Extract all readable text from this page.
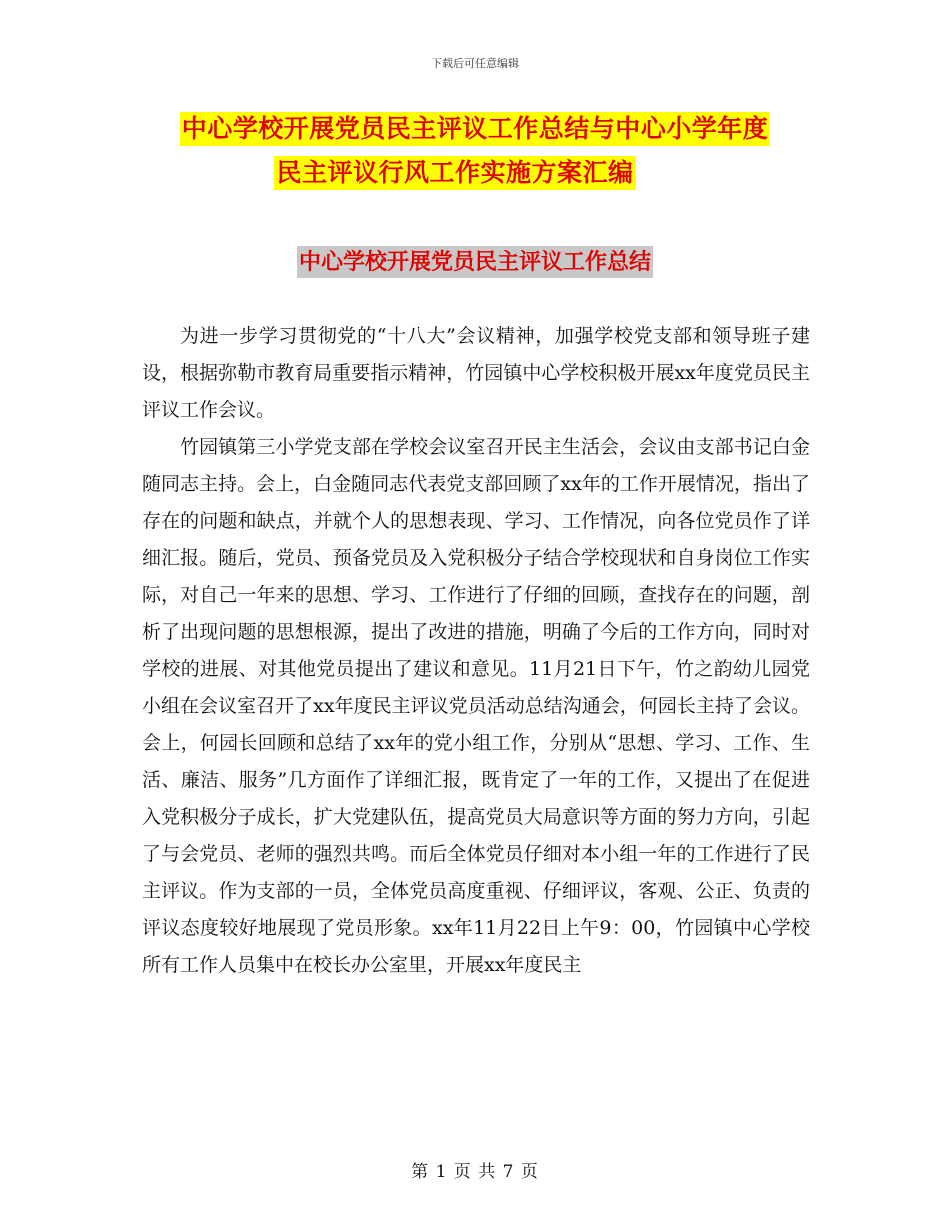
下载后可任意编辑
中心学校开展党员民主评议工作总结与中心小学年度
民主评议行风工作实施方案汇编
中心学校开展党员民主评议工作总结

为进一步学习贯彻党的“十八大”会议精神，加强学校党支部和领导班子建设，根据弥勒市教育局重要指示精神，竹园镇中心学校积极开展xx年度党员民主评议工作会议。

竹园镇第三小学党支部在学校会议室召开民主生活会，会议由支部书记白金随同志主持。会上，白金随同志代表党支部回顾了xx年的工作开展情况，指出了存在的问题和缺点，并就个人的思想表现、学习、工作情况，向各位党员作了详细汇报。随后，党员、预备党员及入党积极分子结合学校现状和自身岗位工作实际，对自己一年来的思想、学习、工作进行了仔细的回顾，查找存在的问题，剖析了出现问题的思想根源，提出了改进的措施，明确了今后的工作方向，同时对学校的进展、对其他党员提出了建议和意见。11月21日下午，竹之韵幼儿园党小组在会议室召开了xx年度民主评议党员活动总结沟通会，何园长主持了会议。会上，何园长回顾和总结了xx年的党小组工作，分别从“思想、学习、工作、生活、廉洁、服务”几方面作了详细汇报，既肯定了一年的工作，又提出了在促进入党积极分子成长，扩大党建队伍，提高党员大局意识等方面的努力方向，引起了与会党员、老师的强烈共鸣。而后全体党员仔细对本小组一年的工作进行了民主评议。作为支部的一员，全体党员高度重视、仔细评议，客观、公正、负责的评议态度较好地展现了党员形象。xx年11月22日上午9：00，竹园镇中心学校所有工作人员集中在校长办公室里，开展xx年度民主

第 1 页 共 7 页
